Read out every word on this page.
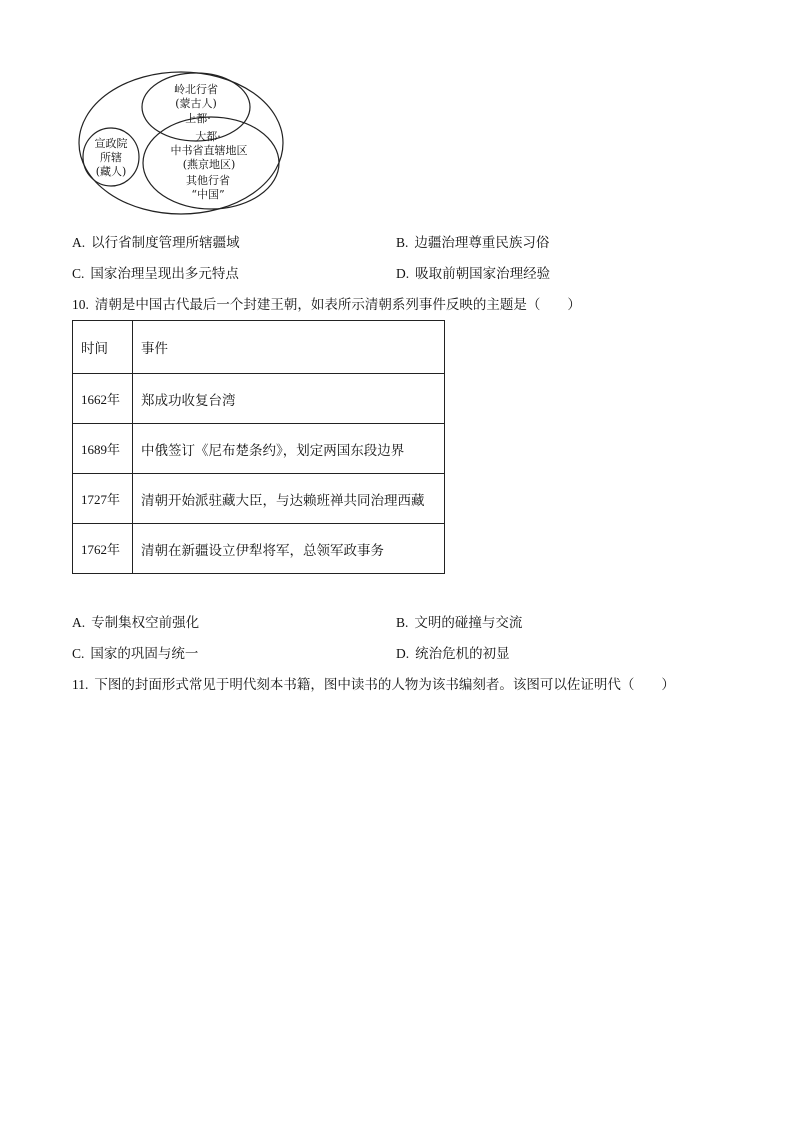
岭北行省
(蒙古人)
上都·
宣政院
所辖
(藏人)
大都·
中书省直辖地区
(燕京地区)
其他行省
“中国”
A. 以行省制度管理所辖疆域	B. 边疆治理尊重民族习俗
C. 国家治理呈现出多元特点	D. 吸取前朝国家治理经验
10. 清朝是中国古代最后一个封建王朝，如表所示清朝系列事件反映的主题是（　　）
时间	事件
1662年	郑成功收复台湾
1689年	中俄签订《尼布楚条约》，划定两国东段边界
1727年	清朝开始派驻藏大臣，与达赖班禅共同治理西藏
1762年	清朝在新疆设立伊犁将军，总领军政事务
A. 专制集权空前强化	B. 文明的碰撞与交流
C. 国家的巩固与统一	D. 统治危机的初显
11. 下图的封面形式常见于明代刻本书籍，图中读书的人物为该书编刻者。该图可以佐证明代（　　）
